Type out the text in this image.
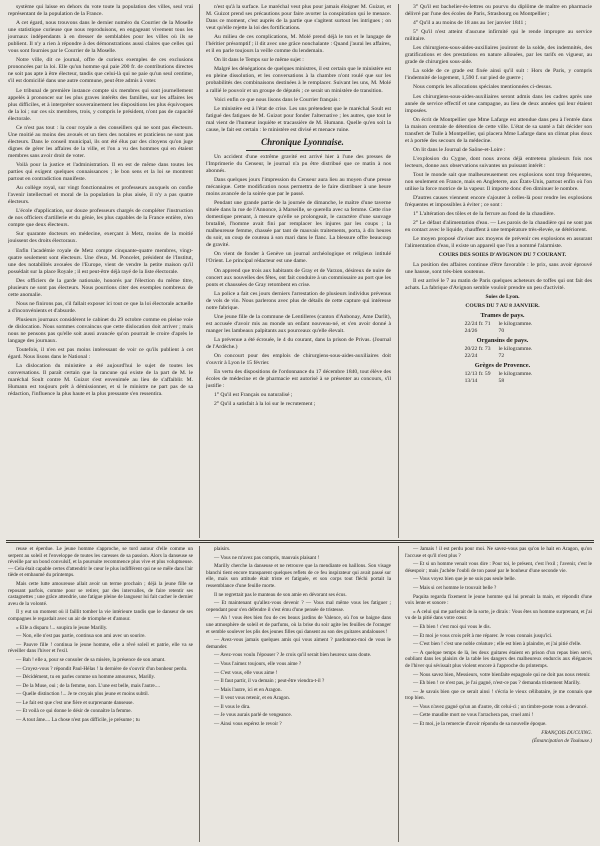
système qui laisse en dehors du vote toute la population des villes, seul vrai représentant de la population de la France.

A cet égard, nous trouvons dans le dernier numéro du Courrier de la Moselle une statistique curieuse que nous reproduisons, en engageant vivement tous les journaux indépendants à en dresser de semblables pour les villes où ils se publient. Il n'y a rien à répondre à des démonstrations aussi claires que celles qui vous sont fournies par le Courrier de la Moselle.

Notre ville, dit ce journal, offre de curieux exemples de ces exclusions prononcées par la loi. Elle qu'un homme qui paie 200 fr. de contributions directes ne soit pas apte à être électeur, tandis que celui-là qui ne paie qu'un seul centime, s'il est domicilié dans une autre commune, peut être admis à voter.

Le tribunal de première instance compte six membres qui sont journellement appelés à prononcer sur les plus graves intérêts des familles, sur les affaires les plus difficiles, et à interpréter souverainement les dispositions les plus équivoques de la loi ; sur ces six membres, trois, y compris le président, n'ont pas de capacité électorale.

Ce n'est pas tout : la cour royale a des conseillers qui ne sont pas électeurs. Une moitié au moins des avoués et un tiers des notaires et praticiens ne sont pas électeurs. Dans le conseil municipal, ils ont été élus par des citoyens qu'on juge dignes de gérer les affaires de la ville, et l'on a vu des hommes qui en étaient membres sans avoir droit de voter.

Voilà pour la justice et l'administration. Il en est de même dans toutes les parties qui exigent quelques connaissances ; le bon sens et la loi se montrent partout en contradiction manifeste.

Au collège royal, sur vingt fonctionnaires et professeurs auxquels on confie l'avenir intellectuel et moral de la population la plus aisée, il n'y a pas quatre électeurs.

L'école d'application, sur douze professeurs chargés de compléter l'instruction de nos officiers d'artillerie et du génie, les plus capables de la France entière, n'en compte que deux électeurs.

Sur quarante docteurs en médecine, exerçant à Metz, moins de la moitié jouissent des droits électoraux.

Enfin l'académie royale de Metz compte cinquante-quatre membres, vingt-quatre seulement sont électeurs. Une d'eux, M. Poncelet, président de l'Institut, une des notabilités avouées de l'Europe, vient de vendre la petite maison qu'il possédait sur la place Royale ; il est peut-être déjà rayé de la liste électorale.

Des officiers de la garde nationale, honorés par l'élection du même titre, plusieurs ne sont pas électeurs. Nous pourrions citer des exemples nombreux de cette anomalie.

Nous ne finirons pas, s'il fallait exposer ici tout ce que la loi électorale actuelle a d'inconvénients et d'absurde.

Plusieurs journaux considèrent le cabinet du 29 octobre comme en pleine voie de dislocation. Nous sommes convaincus que cette dislocation doit arriver ; mais nous ne pensons pas qu'elle soit aussi avancée qu'on pourrait le croire d'après le langage des journaux.

Toutefois, il n'en est pas moins intéressant de voir ce qu'ils publient à cet égard. Nous lisons dans le National :

La dislocation du ministère a été aujourd'hui le sujet de toutes les conversations. Il paraît certain que la rancune qui existe de la part de M. le maréchal Soult contre M. Guizot s'est envenimée au lieu de s'affaiblir. M. Humann est toujours prêt à démissionner, et si le ministre ne part pas de sa rédaction, l'influence la plus haute et la plus pressante s'en ressentira.

n'est qu'à la surface. Le maréchal veut plus pour jamais éloigner M. Guizot, et M. Guizot prend ses précautions pour faire avorter la conspiration qui le menace. Dans ce moment, c'est auprès de la partie que s'agitent surtout les intrigues ; on veut qu'elle rejette la loi des fortifications.

Au milieu de ces complications, M. Molé prend déjà le ton et le langage de l'héritier présomptif ; il dit avec une grâce nonchalante : Quand j'aurai les affaires, et il en parle toujours la veille comme du lendemain.

On lit dans le Temps sur le même sujet :

Malgré les dénégations de quelques ministres, il est certain que le ministère est en pleine dissolution, et les conversations à la chambre n'ont roulé que sur les probabilités des combinaisons destinées à le remplacer. Suivant les uns, M. Molé a rallié le pouvoir et un groupe de députés ; ce serait un ministère de transition.

Voici enfin ce que nous lisons dans le Courrier français :

Le ministère est à l'état de crise. Les uns prétendent que le maréchal Soult est fatigué des fatigues de M. Guizot pour fonder l'alternative ; les autres, que tout le mal vient de l'humeur inquiète et tracassière de M. Humann. Quelle qu'en soit la cause, le fait est certain : le ministère est divisé et menace ruine.

Chronique Lyonnaise.

Un accident d'une extrême gravité est arrivé hier à l'une des presses de l'Imprimerie du Censeur, le journal n'a pu être distribué que ce matin à nos abonnés.

Dans quelques jours l'impression du Censeur aura lieu au moyen d'une presse mécanique. Cette modification nous permettra de le faire distribuer à une heure moins avancée de la soirée que par le passé.

Pendant une grande partie de la journée de dimanche, le maître d'une taverne située dans la rue de l'Annonce, à Marseille, se querella avec sa femme. Cette rixe domestique prenant, à mesure qu'elle se prolongeait, le caractère d'une sauvage brutalité, l'homme avait fini par remplacer les injures par les coups ; la malheureuse femme, chassée par tant de mauvais traitements, porta, à dix heures du soir, un coup de couteau à son mari dans le flanc. La blessure offre beaucoup de gravité.

On vient de fonder à Genève un journal archéologique et religieux intitulé l'Orient. Le principal rédacteur est une dame.

On apprend que trois aux habitants de Gray et de Varzon, désireux de nuire de concert aux nouvelles des fêtes, ont fait conduire à un commissaire au port que les ponts et chaussées de Gray retombent en crise.

La police a fait ces jours derniers l'arrestation de plusieurs individus prévenus de vols de vin. Nous parlerons avec plus de détails de cette capture qui intéresse notre fabrique.

Une jeune fille de la commune de Lentilleres (canton d'Anbonay, Ame Darlit), est accusée d'avoir mis au monde un enfant nouveau-né, et s'en avoir donné à manger les lambeaux palpitants aux pourceaux qu'elle élevait.

La prévenue a été écrouée, le 4 du courant, dans la prison de Privas. (Journal de l'Ardèche.)

On concourt pour des emplois de chirurgiens-sous-aides-auxiliaires doit s'ouvrir à Lyon le 15 février.

En vertu des dispositions de l'ordonnance du 17 décembre 1840, tout élève des écoles de médecine et de pharmacie est autorisé à se présenter au concours, s'il justifie :

1° Qu'il est Français ou naturalisé ;

2° Qu'il a satisfait à la loi sur le recrutement ;

3° Qu'il est bachelier-ès-lettres ou pourvu du diplôme de maître en pharmacie délivré par l'une des écoles de Paris, Strasbourg ou Montpellier ;

4° Qu'il a au moins de 18 ans au 1er janvier 1841 ;

5° Qu'il n'est atteint d'aucune infirmité qui le rende impropre au service militaire.

Les chirurgiens-sous-aides-auxiliaires jouiront de la solde, des indemnités, des gratifications et des prestations en nature allouées, par les tarifs en vigueur, au grade de chirurgien sous-aide.

La solde de ce grade est fixée ainsi qu'il suit : Hors de Paris, y compris l'indemnité de logement, 1,590 f. sur pied de guerre ;

Nous compris les allocations spéciales mentionnées ci-dessus.

Les chirurgiens-sous-aides-auxiliaires seront admis dans les cadres après une année de service effectif et une campagne, au lieu de deux années qui leur étaient imposées.

On écrit de Montpellier que Mme Lafarge est attendue dans peu à l'entrée dans la maison centrale de détention de cette ville. L'état de sa santé a fait décider son transfert de Tulle à Montpellier, qui placera Mme Lafarge dans un climat plus doux et à portée des secours de la médecine.

On lit dans le Journal de Saône-et-Loire :

L'explosion du Cygne, dont nous avons déjà entretenu plusieurs fois nos lecteurs, donne aux observations suivantes un puissant intérêt :

Tout le monde sait que malheureusement ces explosions sont trop fréquentes, non seulement en France, mais en Angleterre, aux États-Unis, partout enfin où l'on utilise la force motrice de la vapeur. Il importe donc d'en diminuer le nombre.

D'autres causes viennent encore s'ajouter à celles-là pour rendre les explosions fréquentes et impossibles à éviter ; ce sont :

1° L'altération des tôles et de la ferrure au fond de la chaudière.

2° Le défaut d'alimentation d'eau. — Les parois de la chaudière qui ne sont pas en contact avec le liquide, chauffent à une température très-élevée, se détériorent.

Le moyen proposé d'aviser aux moyens de prévenir ces explosions en assurant l'alimentation d'eau, il existe un appareil que l'on a nommé l'alarmiste.

COURS DES SOIES D'AVIGNON DU 7 COURANT.

La position des affaires continue d'être favorable : le prix, sans avoir éprouvé une hausse, sont très-bien soutenus.

Il est arrivé le 7 au matin de Paris quelques acheteurs de toffes qui ont fait des achats. La fabrique d'Avignon semble vouloir prendre un peu d'activité.

Soies de Lyon.

COURS DU 7 AU 8 JANVIER.

Trames de pays.

22/24 fr. 71	le kilogramme.
24/26	70

Organsins de pays.

20/22 fr. 73	le kilogramme.
22/24	72

Grèges de Provence.

12/13 fr. 59	le kilogramme.
13/14	58

reuse et éperdue. Le jeune homme s'approche, se tord autour d'elle comme un serpent au soleil et l'enveloppe de toutes les caresses de sa passion. Alors la danseuse se réveille par un bond convulsif, et la poursuite recommence plus vive et plus voluptueuse. — Cela était capable certes d'attendrir le cœur le plus indifférent qui ne se mêle dans l'air tiède et embaumé du printemps.

Mais cette lutte amoureuse allait avoir un terme prochain ; déjà la jeune fille se reposant parfois, comme pour se retirer, par des intervalles, de faire retentir ses castagnettes ; une grâce attendrie, une fatigue pleine de langueur lui fait cacher le dernier aveu de la volonté.

Il y eut un moment où il faillit tomber la vie intérieure tandis que le danseur de ses compagnes le regardait avec un air de triomphe et d'amour.

« Elle a disparu !... soupira le jeune Marilly.

— Non, elle n'est pas partie, continua son ami avec un sourire.

— Pauvre fille ! continua le jeune homme, elle a rêvé soleil et patrie, elle va se réveiller dans l'hiver et l'exil.

— Bah ! elle a, pour se consoler de sa misère, la présence de son amant.

— Croyez-vous ? répondit Paul-Hélas ! la dernière de s'ouvrir d'un bonheur perdu.

— Décidément, tu en parles comme un homme amoureux, Marilly.

— De la Muse, oui ; de la femme, non. L'une est belle, mais l'autre....

— Quelle distinction !... Je te croyais plus jeune et moins subtil.

— Le fait est que c'est une fière et surprenante danseuse.

— Et voilà ce qui donne le désir de connaître la femme.

— A tout âme.... La chose n'est pas difficile, je présume ; tu

plaisirs.

— Vous ne m'avez pas compris, mauvais plaisant !

Marilly cherche la danseuse et ne retrouve que la mendiante en haillons. Son visage blanchi tient encore transparent quelques reflets de ce feu inspirateur qui avait passé sur elle, mais son attitude était triste et fatiguée, et son corps tout fléchi portait la ressemblance d'une feuille morte.

Il ne regrettait pas le manteau de son amie en dévorant ses écus.

— Et maintenant qu'allez-vous devenir ? — Vous mal même vous les fatiguer ; cependant pour s'en défendre il s'est ému d'une pensée de tristesse.

— Ah ! vous êtes bien fou de ces beaux jardins de Valence, où l'on se baigne dans une atmosphère de soleil et de parfums, où la brise du soir agite les feuilles de l'oranger et semble soulever les plis des jeunes filles qui dansent au son des guitares andalouses !

— Avez-vous jamais quelques amis qui vous aiment ? pardonnez-moi de vous le demander.

— Avez-vous voulu l'épouser ? Je crois qu'il serait bien heureux sans doute.

— Vous l'aimez toujours, elle vous aime ?

— C'est vous, elle vous aime !

— Il faut partir, il va demain ; peut-être viendra-t-il ?

— Mais l'autre, ici et en Aragon.

— Il veut vous retenir, et en Aragon.

— Il vous le dira.

— Je vous aurais parlé de vengeance.

— Ainsi vous espérez le revoir ?

— Jamais ! il est perdu pour moi. Ne savez-vous pas qu'on le hait en Aragon, qu'on l'accuse et qu'il n'est plus ?

— Et si un homme venait vous dire : Pour toi, le présent, c'est l'exil ; l'avenir, c'est le désespoir ; mais j'achète l'oubli de ton passé par le bonheur d'une seconde vie.

— Vous voyez bien que je ne suis pas seule belle.

— Mais si cet homme le trouvait belle ?

Paquita regarda fixement le jeune homme qui lui prenait la main, et répondit d'une voix lente et sonore :

« A celui qui me parlerait de la sorte, je dirais : Vous êtes un homme surprenant, et j'ai vu de la pitié dans votre cœur.

— Eh bien ! c'est moi qui vous le dis.

— Et moi je vous crois prêt à me réparer. Je vous connais jusqu'ici.

— C'est bien ! c'est une noble créature ; elle est bien à plaindre, et j'ai pitié d'elle.

— A quelque temps de là, les deux guitares étaient en prison d'un repas bien servi, oubliant dans les plaisirs de la table les dangers des malheureux endurcis aux élégances de l'hiver qui sévissait plus violent encore à l'approche du printemps.

— Nous savez bien, Messieurs, votre bienfaite espagnole qui ne doit pas nous retenir.

— Eh bien ! ce n'est pas, je l'ai gagné, n'est-ce pas ? demanda tristement Marilly.

— Je savais bien que ce serait ainsi ! s'écria le vieux célibataire, je me connais que trop bien.

— Vous n'avez gagné qu'un an d'autre, dit celui-ci ; un timbre-poste vous a devancé.

— Cette maudite mort ne vous l'arrachera pas, cruel ami !

— Et moi, je la remercie d'avoir répondu de sa nouvelle époque.

FRANÇOIS DUCUING.

(Émancipation de Toulouse.)
